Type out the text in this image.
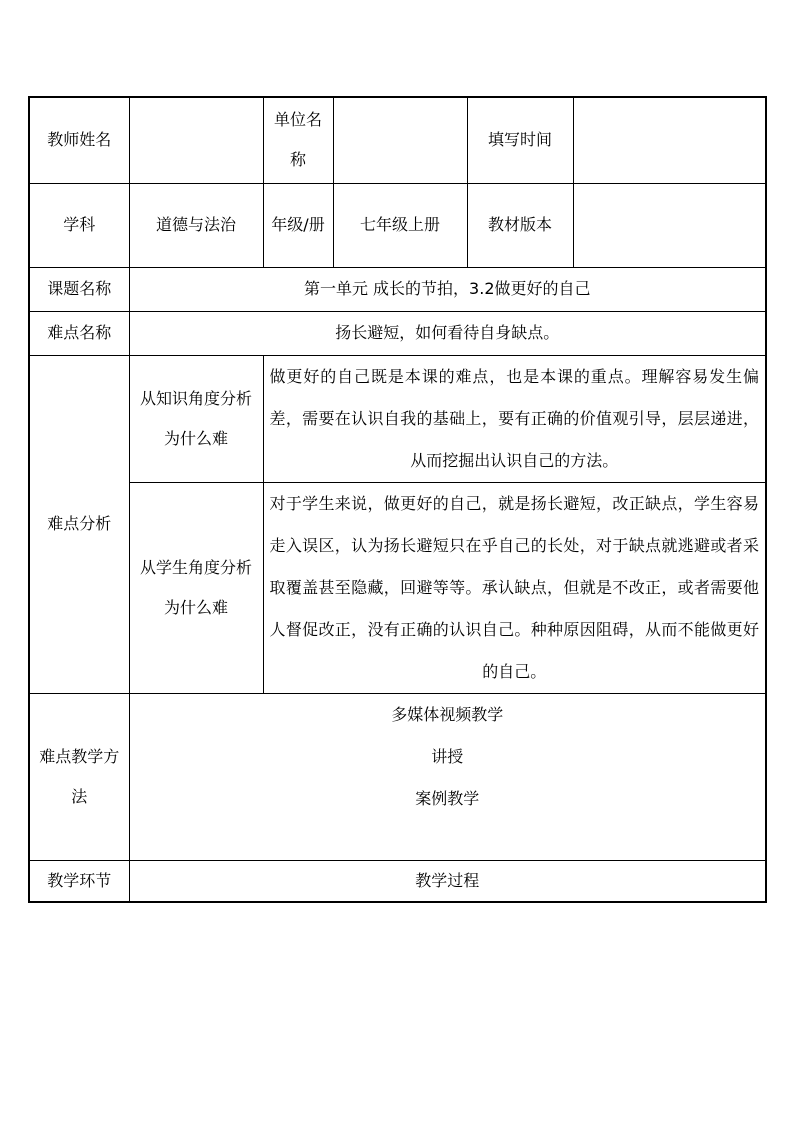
教师姓名		单位名称		填写时间	
学科	道德与法治	年级/册	七年级上册	教材版本	
课题名称	第一单元 成长的节拍，3.2做更好的自己				
难点名称	扬长避短，如何看待自身缺点。				
难点分析	从知识角度分析为什么难	做更好的自己既是本课的难点，也是本课的重点。理解容易发生偏差，需要在认识自我的基础上，要有正确的价值观引导，层层递进，从而挖掘出认识自己的方法。			
	从学生角度分析为什么难	对于学生来说，做更好的自己，就是扬长避短，改正缺点，学生容易走入误区，认为扬长避短只在乎自己的长处，对于缺点就逃避或者采取覆盖甚至隐藏，回避等等。承认缺点，但就是不改正，或者需要他人督促改正，没有正确的认识自己。种种原因阻碍，从而不能做更好的自己。			
难点教学方法	多媒体视频教学
讲授
案例教学				

教学环节	教学过程				
